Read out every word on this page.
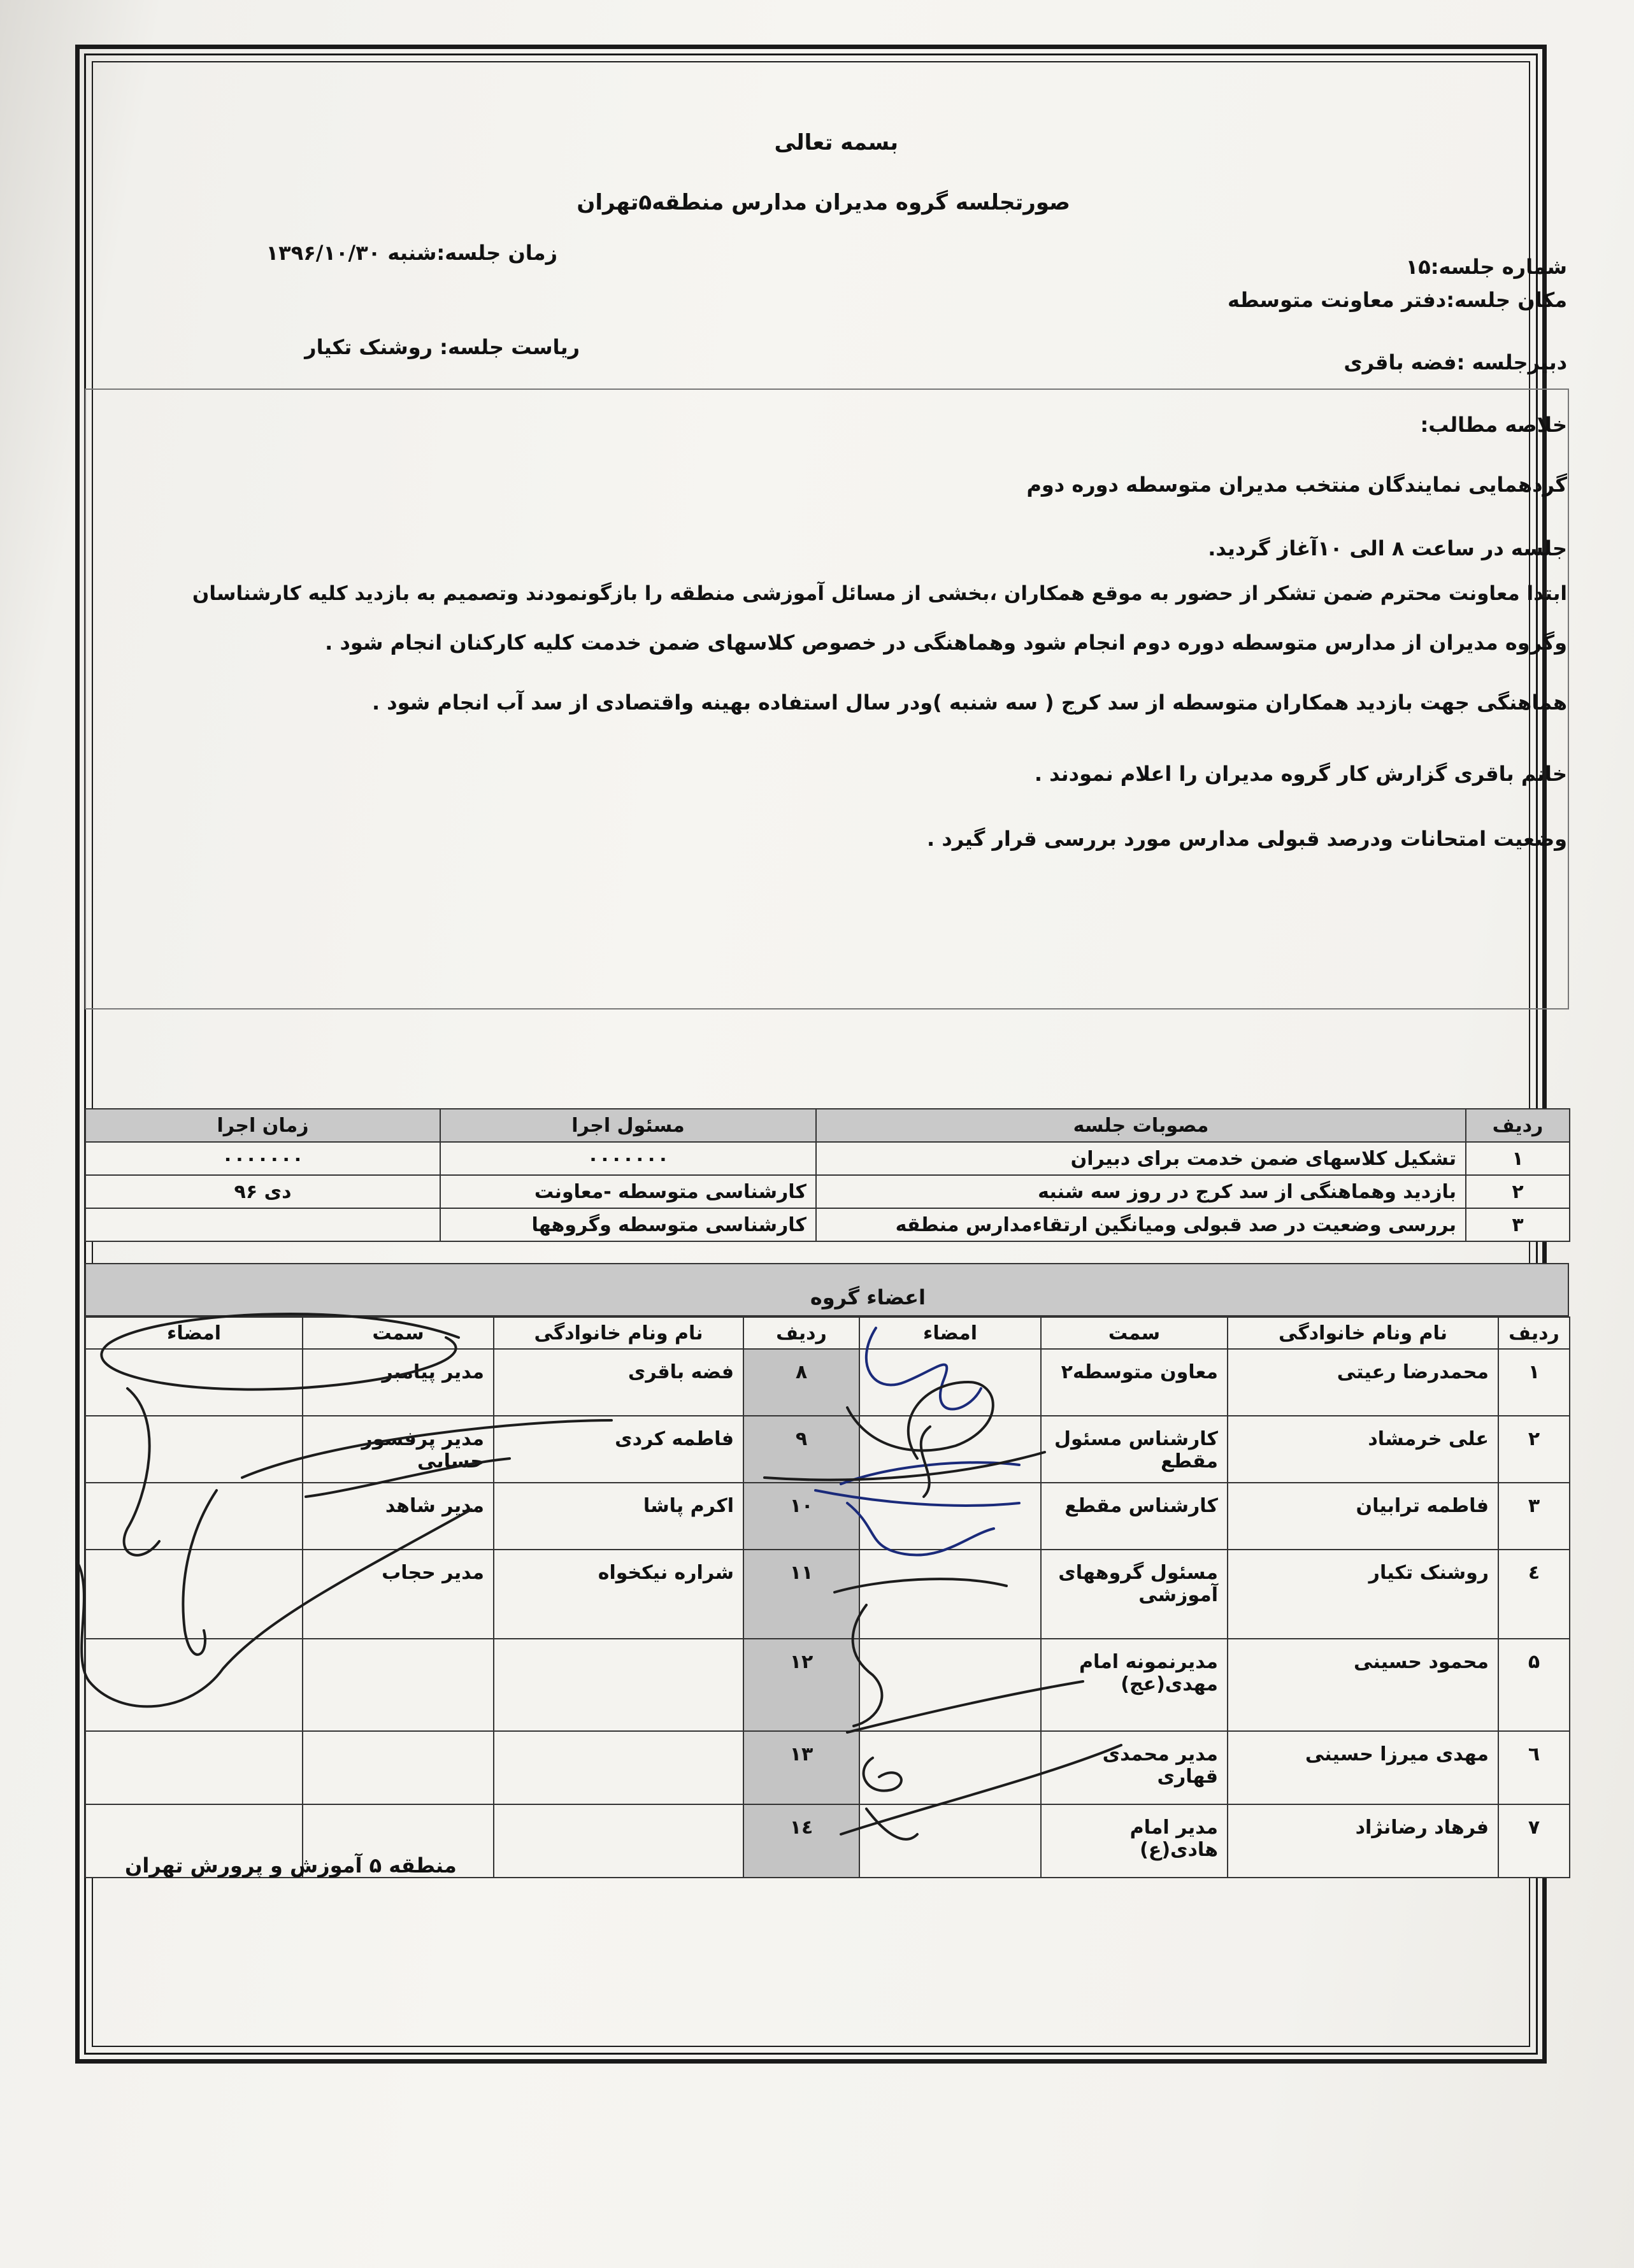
بسمه تعالی
صورتجلسه گروه مدیران مدارس منطقه۵تهران
شماره جلسه:۱۵
زمان جلسه:شنبه ۱۳۹۶/۱۰/۳۰
مکان جلسه:دفتر معاونت متوسطه
ریاست جلسه: روشنک تکیار
دبیرجلسه :فضه باقری
خلاصه مطالب:
گردهمایی نمایندگان منتخب مدیران متوسطه دوره دوم
جلسه در ساعت ۸ الی ۱۰آغاز گردید.
ابتدا معاونت محترم ضمن تشکر از حضور به موقع همکاران ،بخشی از مسائل آموزشی منطقه را بازگونمودند وتصمیم به بازدید کلیه کارشناسان
وگروه مدیران از مدارس متوسطه دوره دوم انجام شود وهماهنگی در خصوص کلاسهای ضمن خدمت کلیه کارکنان انجام شود .
هماهنگی جهت بازدید همکاران متوسطه از سد کرج ( سه شنبه )ودر سال استفاده بهینه واقتصادی از سد آب انجام شود .
خانم باقری گزارش کار گروه مدیران را اعلام نمودند .
وضعیت امتحانات ودرصد قبولی مدارس مورد بررسی قرار گیرد .
ردیف	مصوبات جلسه	مسئول اجرا	زمان اجرا
۱	تشکیل کلاسهای ضمن خدمت برای دبیران	۰۰۰۰۰۰۰	۰۰۰۰۰۰۰
۲	بازدید وهماهنگی از سد کرج در روز سه شنبه	کارشناسی متوسطه -معاونت	دی ۹۶
۳	بررسی وضعیت در صد قبولی ومیانگین ارتقاءمدارس منطقه	کارشناسی متوسطه وگروهها	
اعضاء گروه
ردیف	نام ونام خانوادگی	سمت	امضاء	ردیف	نام ونام خانوادگی	سمت	امضاء
۱	محمدرضا رعیتی	معاون متوسطه۲		۸	فضه باقری	مدیر پیامبر	
۲	علی خرمشاد	کارشناس مسئول مقطع		۹	فاطمه کردی	مدیر پرفسور حسابی	
۳	فاطمه ترابیان	کارشناس مقطع		۱۰	اکرم پاشا	مدیر شاهد	
٤	روشنک تکیار	مسئول گروههای آموزشی		۱۱	شراره نیکخواه	مدیر حجاب	
۵	محمود حسینی	مدیرنمونه امام مهدی(عج)		۱۲			
٦	مهدی میرزا حسینی	مدیر محمدی قهاری		۱۳			
۷	فرهاد رضانژاد	مدیر امام هادی(ع)		۱٤			
منطقه ۵ آموزش و پرورش تهران
